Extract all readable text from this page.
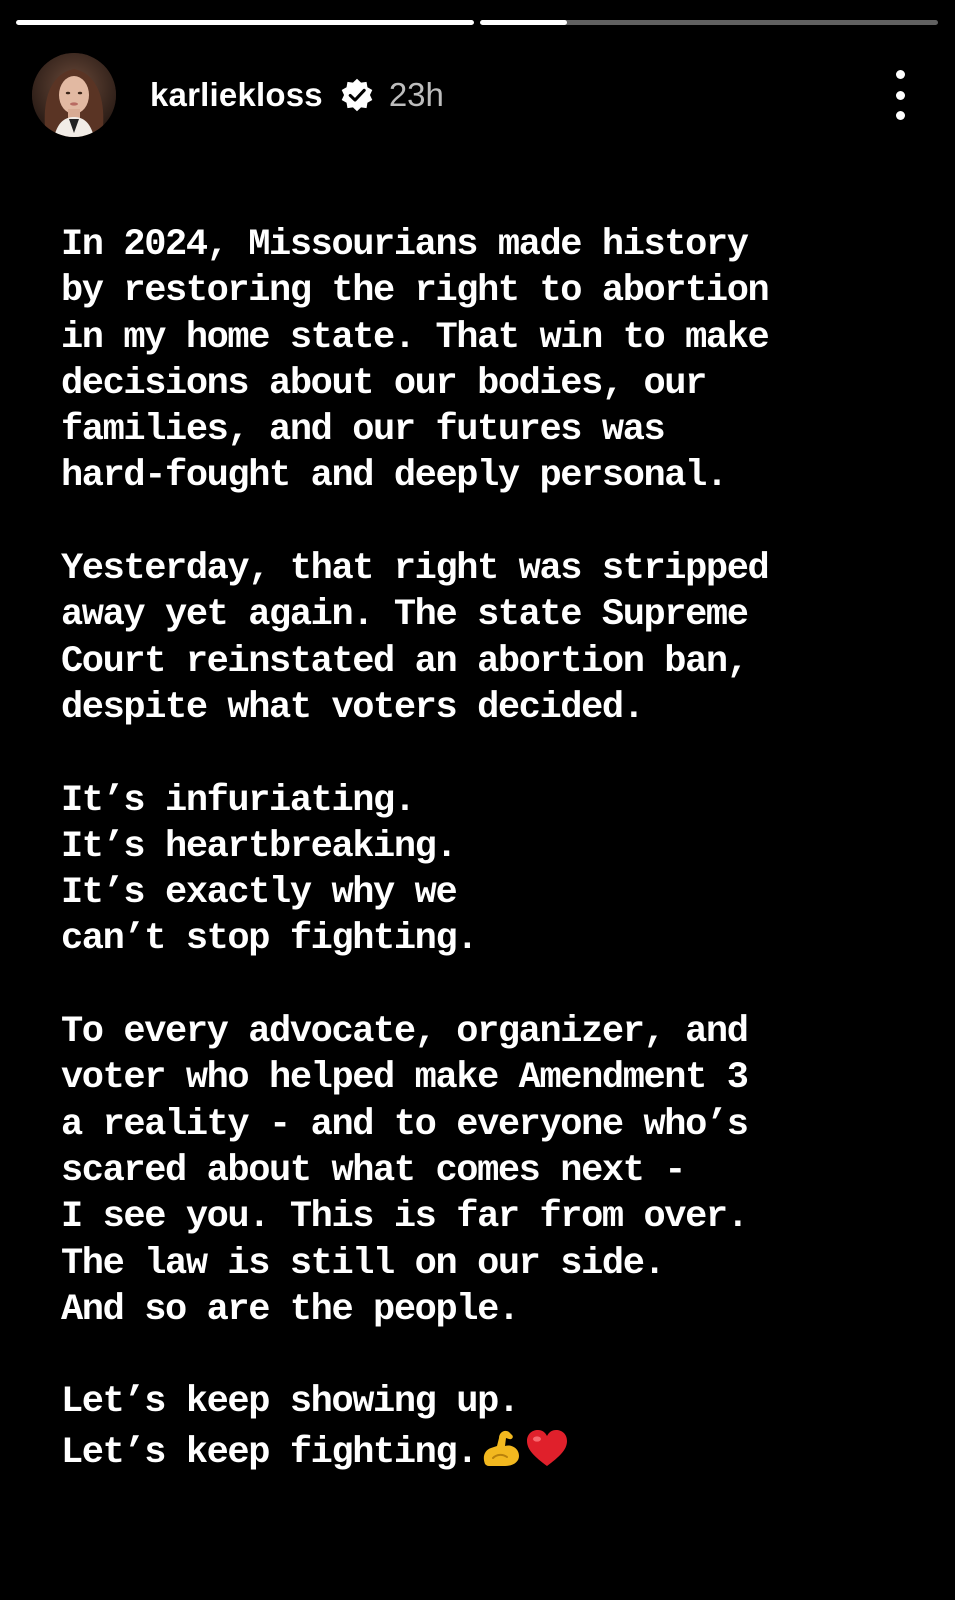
karliekloss 23h
In 2024, Missourians made history
by restoring the right to abortion
in my home state. That win to make
decisions about our bodies, our
families, and our futures was
hard-fought and deeply personal.
Yesterday, that right was stripped
away yet again. The state Supreme
Court reinstated an abortion ban,
despite what voters decided.
It’s infuriating.
It’s heartbreaking.
It’s exactly why we
can’t stop fighting.
To every advocate, organizer, and
voter who helped make Amendment 3
a reality - and to everyone who’s
scared about what comes next -
I see you. This is far from over.
The law is still on our side.
And so are the people.
Let’s keep showing up.
Let’s keep fighting.
